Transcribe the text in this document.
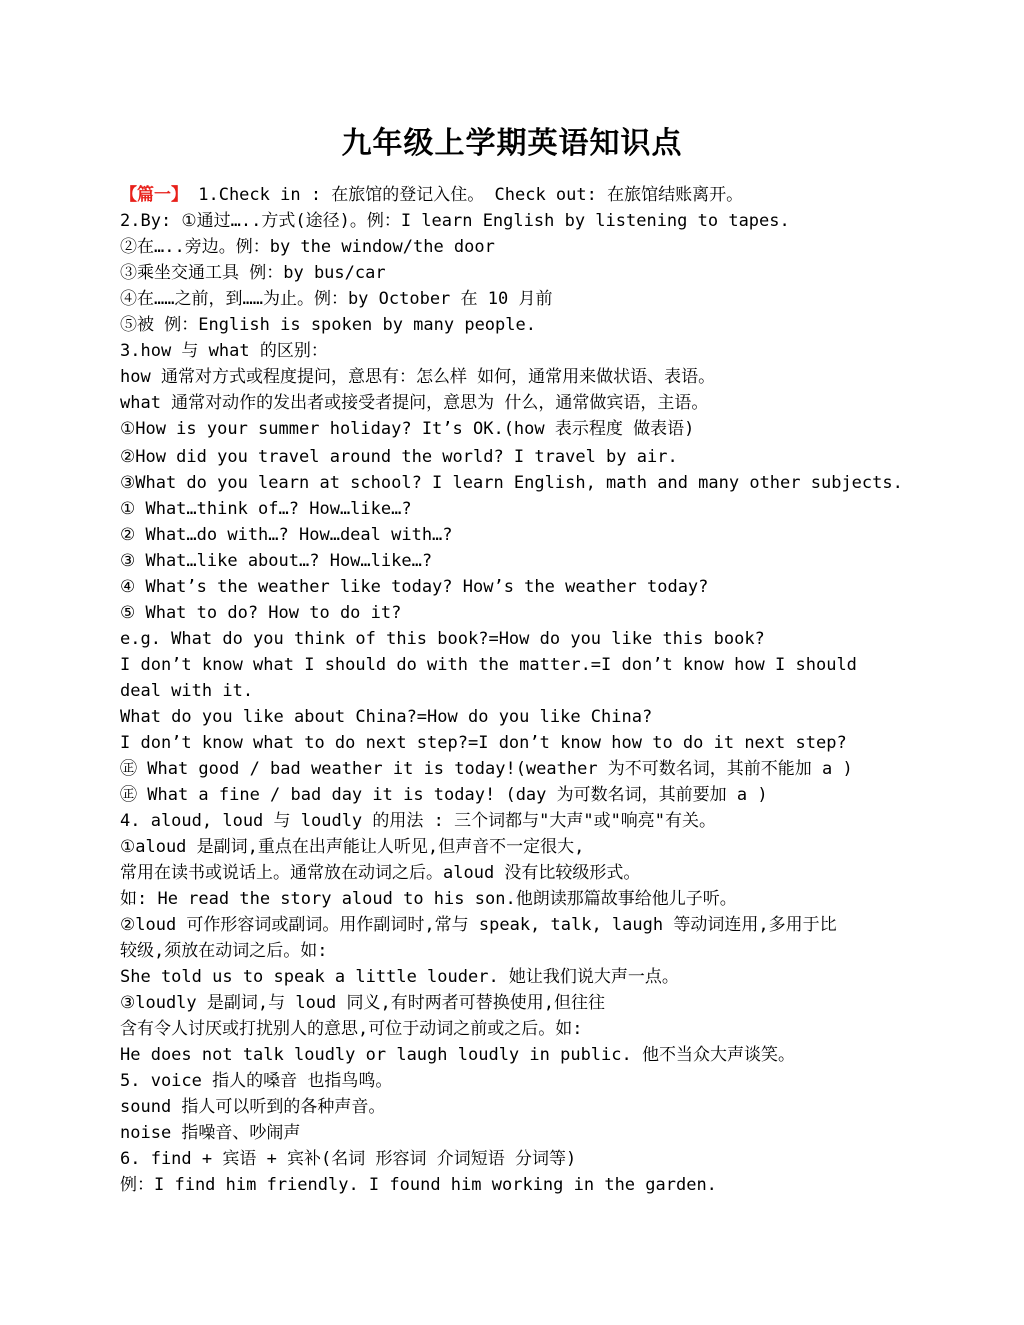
九年级上学期英语知识点
【篇一】 1.Check in : 在旅馆的登记入住。 Check out: 在旅馆结账离开。
2.By: ①通过…..方式(途径)。例：I learn English by listening to tapes.
②在…..旁边。例：by the window/the door
③乘坐交通工具 例：by bus/car
④在……之前，到……为止。例：by October 在 10 月前
⑤被 例：English is spoken by many people.
3.how 与 what 的区别：
how 通常对方式或程度提问，意思有：怎么样 如何，通常用来做状语、表语。
what 通常对动作的发出者或接受者提问，意思为 什么，通常做宾语，主语。
①How is your summer holiday? It’s OK.(how 表示程度 做表语)
②How did you travel around the world? I travel by air.
③What do you learn at school? I learn English, math and many other subjects.
① What…think of…? How…like…?
② What…do with…? How…deal with…?
③ What…like about…? How…like…?
④ What’s the weather like today? How’s the weather today?
⑤ What to do? How to do it?
e.g. What do you think of this book?=How do you like this book?
I don’t know what I should do with the matter.=I don’t know how I should
deal with it.
What do you like about China?=How do you like China?
I don’t know what to do next step?=I don’t know how to do it next step?
㊣ What good / bad weather it is today!(weather 为不可数名词，其前不能加 a )
㊣ What a fine / bad day it is today! (day 为可数名词，其前要加 a )
4. aloud, loud 与 loudly 的用法 : 三个词都与"大声"或"响亮"有关。
①aloud 是副词,重点在出声能让人听见,但声音不一定很大,
常用在读书或说话上。通常放在动词之后。aloud 没有比较级形式。
如: He read the story aloud to his son.他朗读那篇故事给他儿子听。
②loud 可作形容词或副词。用作副词时,常与 speak, talk, laugh 等动词连用,多用于比
较级,须放在动词之后。如:
She told us to speak a little louder. 她让我们说大声一点。
③loudly 是副词,与 loud 同义,有时两者可替换使用,但往往
含有令人讨厌或打扰别人的意思,可位于动词之前或之后。如:
He does not talk loudly or laugh loudly in public. 他不当众大声谈笑。
5. voice 指人的嗓音 也指鸟鸣。
sound 指人可以听到的各种声音。
noise 指噪音、吵闹声
6. find + 宾语 + 宾补(名词 形容词 介词短语 分词等)
例：I find him friendly. I found him working in the garden.
